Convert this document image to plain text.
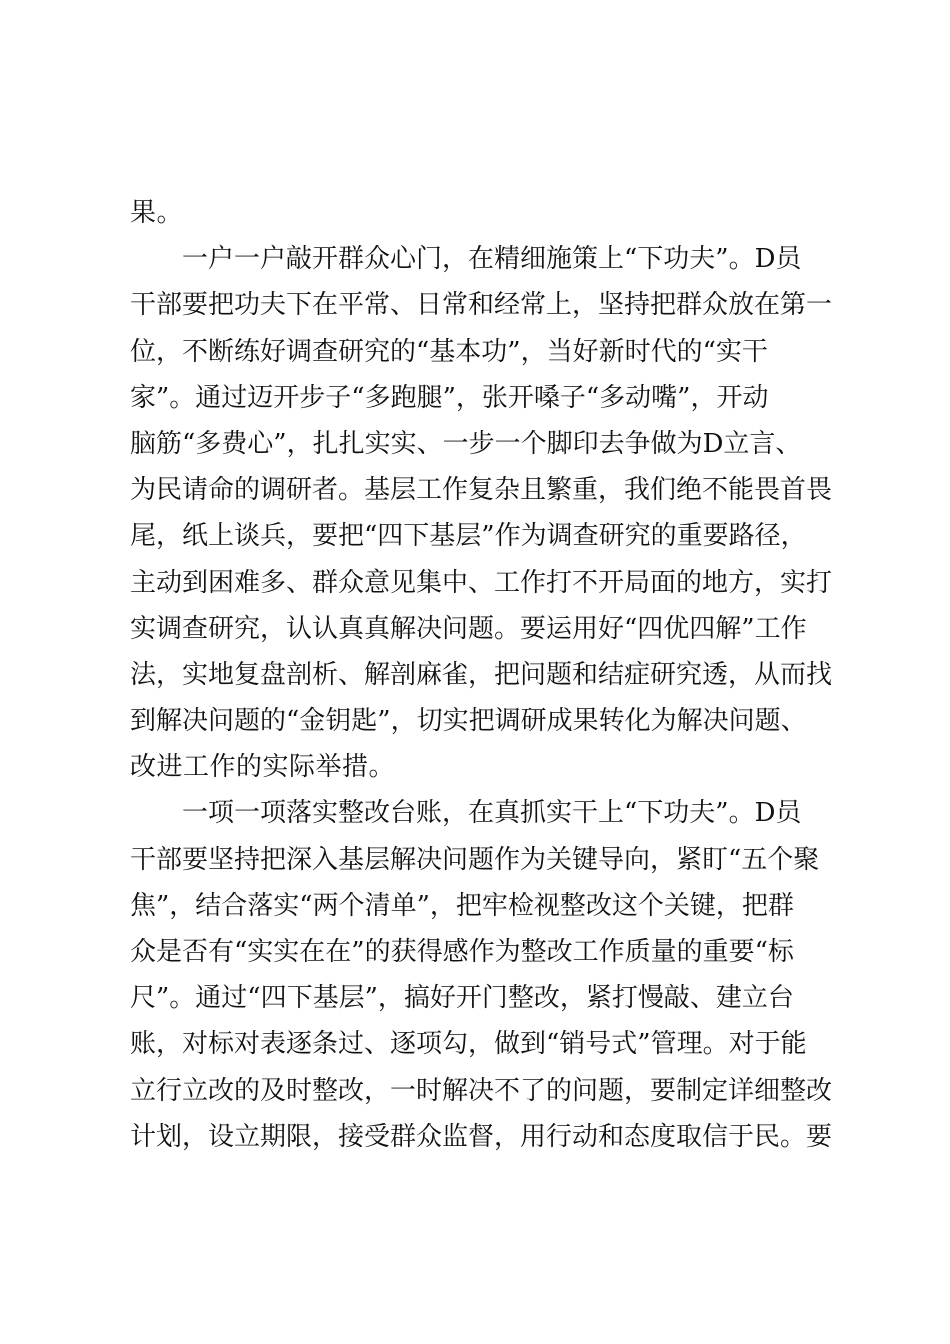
果。
一户一户敲开群众心门，在精细施策上“下功夫”。D员
干部要把功夫下在平常、日常和经常上，坚持把群众放在第一
位，不断练好调查研究的“基本功”，当好新时代的“实干
家”。通过迈开步子“多跑腿”，张开嗓子“多动嘴”，开动
脑筋“多费心”，扎扎实实、一步一个脚印去争做为D立言、
为民请命的调研者。基层工作复杂且繁重，我们绝不能畏首畏
尾，纸上谈兵，要把“四下基层”作为调查研究的重要路径，
主动到困难多、群众意见集中、工作打不开局面的地方，实打
实调查研究，认认真真解决问题。要运用好“四优四解”工作
法，实地复盘剖析、解剖麻雀，把问题和结症研究透，从而找
到解决问题的“金钥匙”，切实把调研成果转化为解决问题、
改进工作的实际举措。
一项一项落实整改台账，在真抓实干上“下功夫”。D员
干部要坚持把深入基层解决问题作为关键导向，紧盯“五个聚
焦”，结合落实“两个清单”，把牢检视整改这个关键，把群
众是否有“实实在在”的获得感作为整改工作质量的重要“标
尺”。通过“四下基层”，搞好开门整改，紧打慢敲、建立台
账，对标对表逐条过、逐项勾，做到“销号式”管理。对于能
立行立改的及时整改，一时解决不了的问题，要制定详细整改
计划，设立期限，接受群众监督，用行动和态度取信于民。要
